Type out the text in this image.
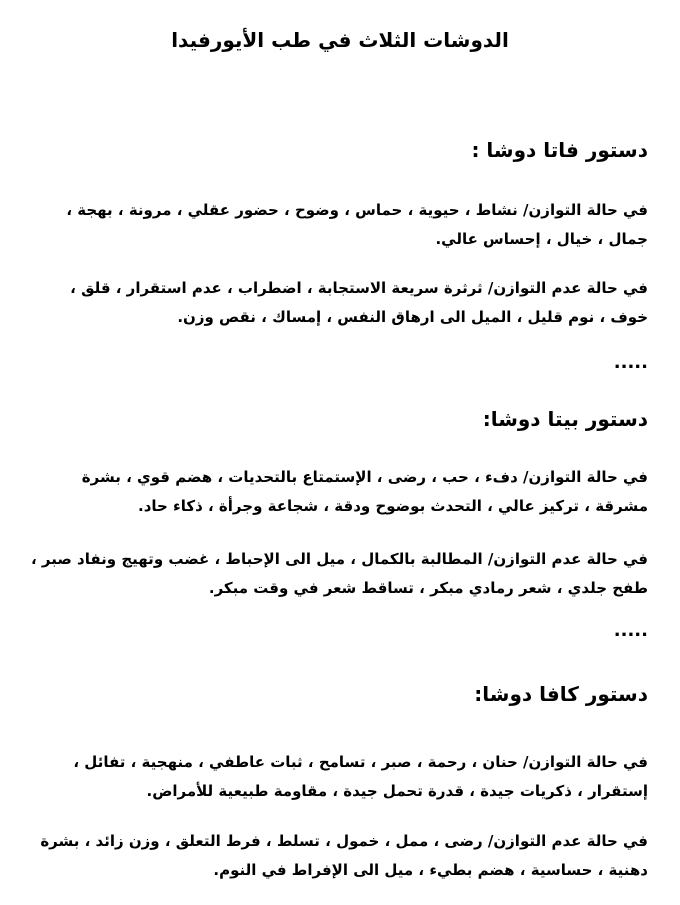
الدوشات الثلاث في طب الأيورفيدا
دستور فاتا دوشا :

في حالة التوازن/ نشاط ، حيوية ، حماس ، وضوح ، حضور عقلي ، مرونة ، بهجة ، جمال ، خيال ، إحساس عالي.

في حالة عدم التوازن/ ثرثرة سريعة الاستجابة ، اضطراب ، عدم استقرار ، قلق ، خوف ، نوم قليل ، الميل الى ارهاق النفس ، إمساك ، نقص وزن.

.....
دستور بيتا دوشا:

في حالة التوازن/ دفء ، حب ، رضى ، الإستمتاع بالتحديات ، هضم قوي ، بشرة مشرقة ، تركيز عالي ، التحدث بوضوح ودقة ، شجاعة وجرأة ، ذكاء حاد.

في حالة عدم التوازن/ المطالبة بالكمال ، ميل الى الإحباط ، غضب وتهيج ونفاد صبر ، طفح جلدي ، شعر رمادي مبكر ، تساقط شعر في وقت مبكر.

.....
دستور كافا دوشا:

في حالة التوازن/ حنان ، رحمة ، صبر ، تسامح ، ثبات عاطفي ، منهجية ، تفائل ، إستقرار ، ذكريات جيدة ، قدرة تحمل جيدة ، مقاومة طبيعية للأمراض.

في حالة عدم التوازن/ رضى ، ممل ، خمول ، تسلط ، فرط التعلق ، وزن زائد ، بشرة دهنية ، حساسية ، هضم بطيء ، ميل الى الإفراط في النوم.
